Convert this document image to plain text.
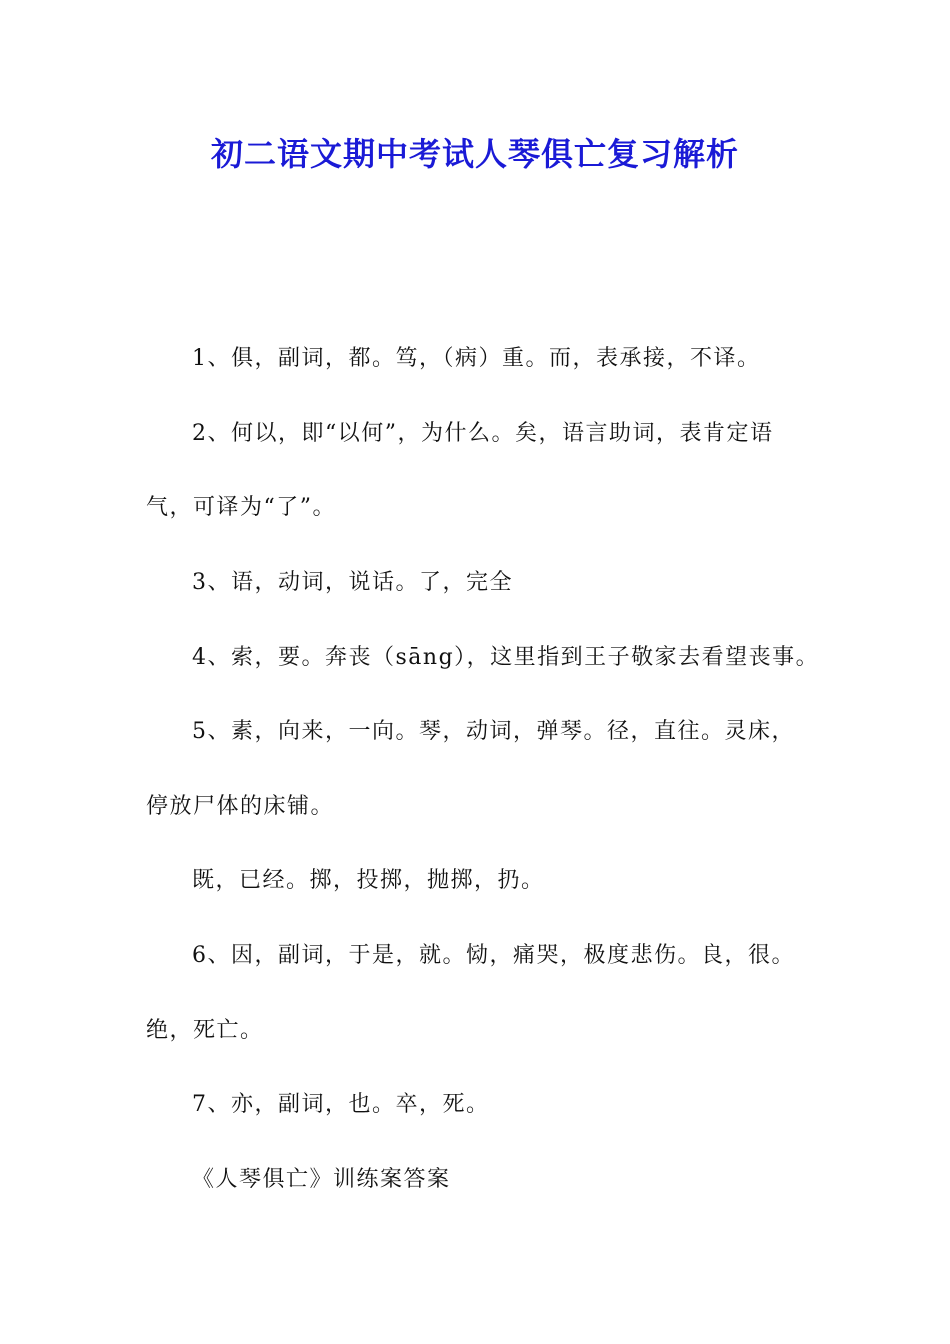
初二语文期中考试人琴俱亡复习解析
1、俱，副词，都。笃，（病）重。而，表承接，不译。
2、何以，即“以何”，为什么。矣，语言助词，表肯定语
气，可译为“了”。
3、语，动词，说话。了，完全
4、索，要。奔丧（sāng），这里指到王子敬家去看望丧事。
5、素，向来，一向。琴，动词，弹琴。径，直往。灵床，
停放尸体的床铺。
既，已经。掷，投掷，抛掷，扔。
6、因，副词，于是，就。恸，痛哭，极度悲伤。良，很。
绝，死亡。
7、亦，副词，也。卒，死。
《人琴俱亡》训练案答案
